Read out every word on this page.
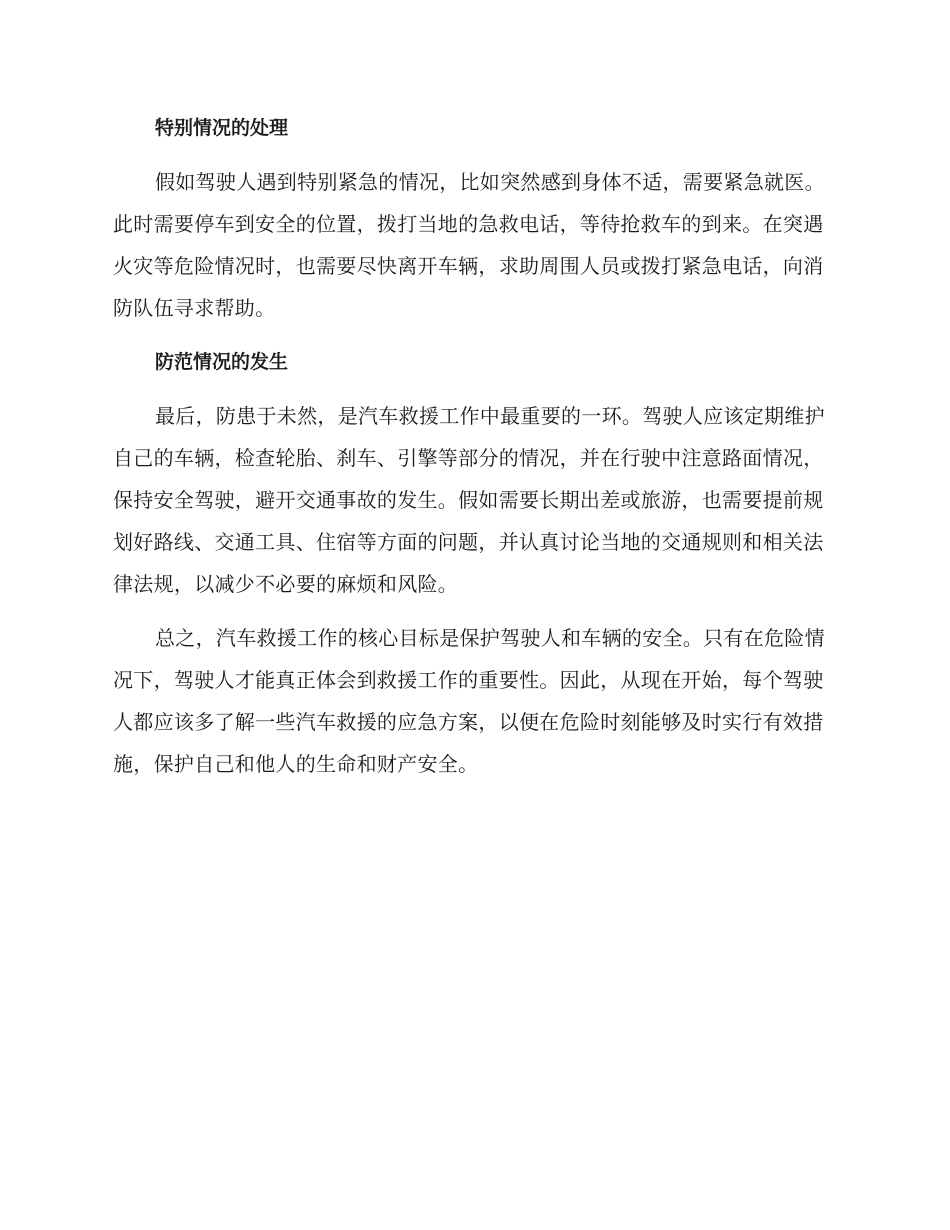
特别情况的处理

假如驾驶人遇到特别紧急的情况，比如突然感到身体不适，需要紧急就医。此时需要停车到安全的位置，拨打当地的急救电话，等待抢救车的到来。在突遇火灾等危险情况时，也需要尽快离开车辆，求助周围人员或拨打紧急电话，向消防队伍寻求帮助。

防范情况的发生

最后，防患于未然，是汽车救援工作中最重要的一环。驾驶人应该定期维护自己的车辆，检查轮胎、刹车、引擎等部分的情况，并在行驶中注意路面情况，保持安全驾驶，避开交通事故的发生。假如需要长期出差或旅游，也需要提前规划好路线、交通工具、住宿等方面的问题，并认真讨论当地的交通规则和相关法律法规，以减少不必要的麻烦和风险。

总之，汽车救援工作的核心目标是保护驾驶人和车辆的安全。只有在危险情况下，驾驶人才能真正体会到救援工作的重要性。因此，从现在开始，每个驾驶人都应该多了解一些汽车救援的应急方案，以便在危险时刻能够及时实行有效措施，保护自己和他人的生命和财产安全。
